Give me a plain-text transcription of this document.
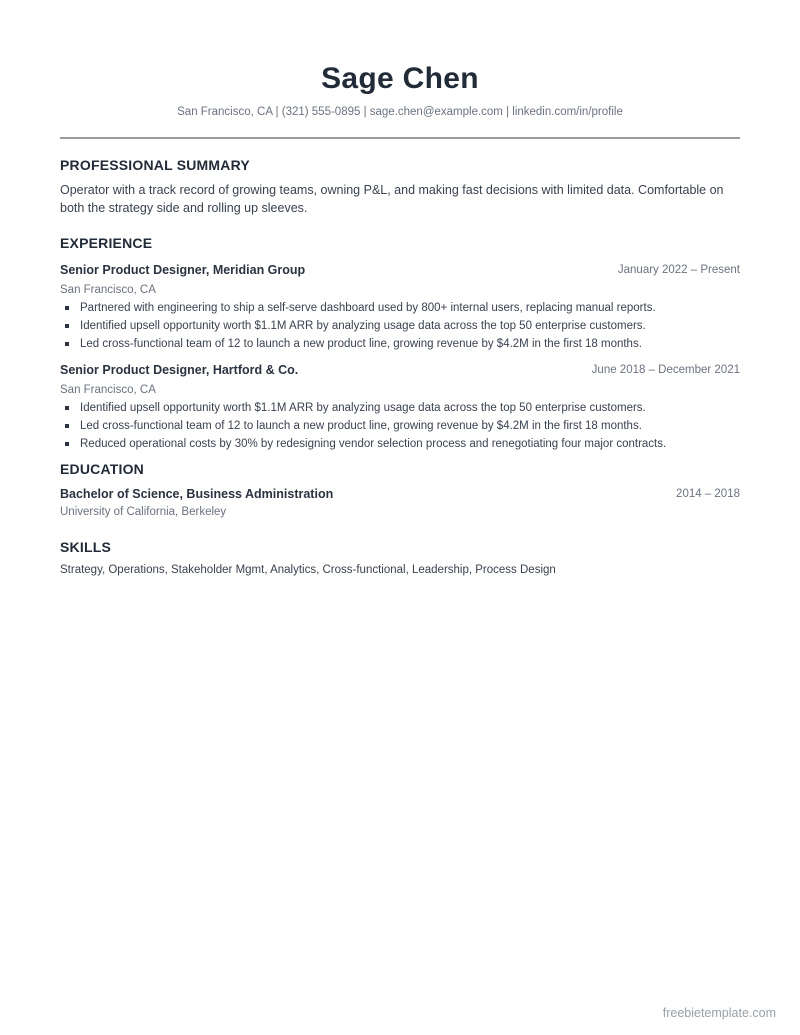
Sage Chen
San Francisco, CA | (321) 555-0895 | sage.chen@example.com | linkedin.com/in/profile
PROFESSIONAL SUMMARY
Operator with a track record of growing teams, owning P&L, and making fast decisions with limited data. Comfortable on both the strategy side and rolling up sleeves.
EXPERIENCE
Senior Product Designer, Meridian Group	January 2022 – Present
San Francisco, CA
Partnered with engineering to ship a self-serve dashboard used by 800+ internal users, replacing manual reports.
Identified upsell opportunity worth $1.1M ARR by analyzing usage data across the top 50 enterprise customers.
Led cross-functional team of 12 to launch a new product line, growing revenue by $4.2M in the first 18 months.
Senior Product Designer, Hartford & Co.	June 2018 – December 2021
San Francisco, CA
Identified upsell opportunity worth $1.1M ARR by analyzing usage data across the top 50 enterprise customers.
Led cross-functional team of 12 to launch a new product line, growing revenue by $4.2M in the first 18 months.
Reduced operational costs by 30% by redesigning vendor selection process and renegotiating four major contracts.
EDUCATION
Bachelor of Science, Business Administration	2014 – 2018
University of California, Berkeley
SKILLS
Strategy, Operations, Stakeholder Mgmt, Analytics, Cross-functional, Leadership, Process Design
freebietemplate.com
